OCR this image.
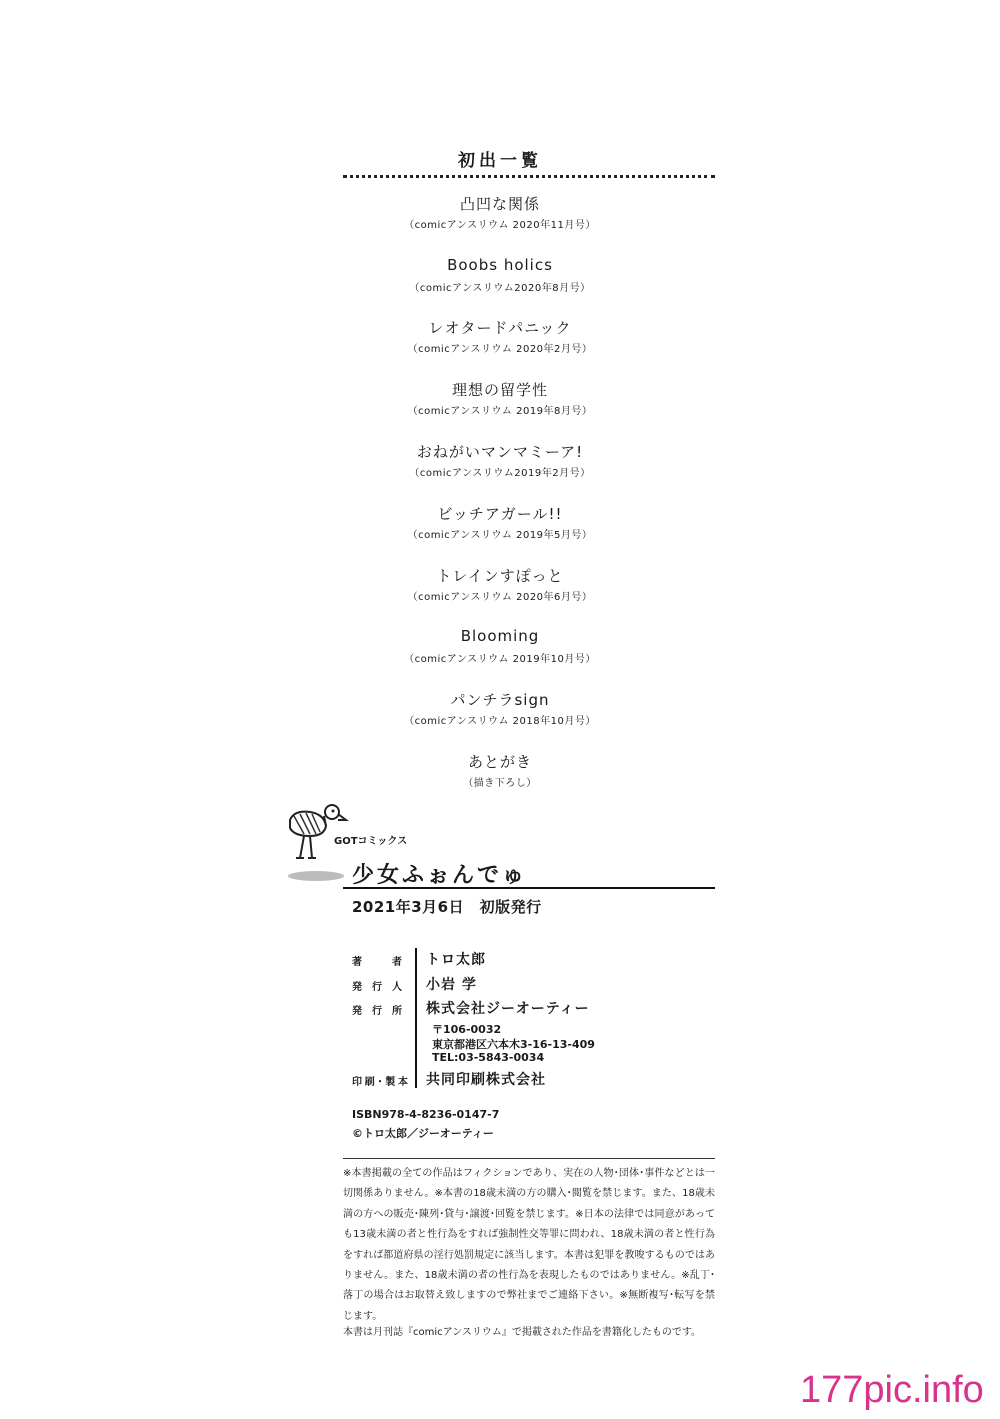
初出一覧
凸凹な関係
（comicアンスリウム 2020年11月号）
Boobs holics
（comicアンスリウム2020年8月号）
レオタードパニック
（comicアンスリウム 2020年2月号）
理想の留学性
（comicアンスリウム 2019年8月号）
おねがいマンマミーア!
（comicアンスリウム2019年2月号）
ビッチアガール!!
（comicアンスリウム 2019年5月号）
トレインすぽっと
（comicアンスリウム 2020年6月号）
Blooming
（comicアンスリウム 2019年10月号）
パンチラsign
（comicアンスリウム 2018年10月号）
あとがき
（描き下ろし）
GOTコミックス
少女ふぉんでゅ
2021年3月6日　初版発行
著者 トロ太郎
発行人 小岩 学
発行所 株式会社ジーオーティー
〒106-0032
東京都港区六本木3-16-13-409
TEL:03-5843-0034
印刷･製本 共同印刷株式会社
ISBN978-4-8236-0147-7
©トロ太郎／ジーオーティー
※本書掲載の全ての作品はフィクションであり、実在の人物･団体･事件などとは一切関係ありません。※本書の18歳未満の方の購入･閲覧を禁じます。また、18歳未満の方への販売･陳列･貸与･譲渡･回覧を禁じます。※日本の法律では同意があっても13歳未満の者と性行為をすれば強制性交等罪に問われ、18歳未満の者と性行為をすれば都道府県の淫行処罰規定に該当します。本書は犯罪を教唆するものではありません。また、18歳未満の者の性行為を表現したものではありません。※乱丁･落丁の場合はお取替え致しますので弊社までご連絡下さい。※無断複写･転写を禁じます。
本書は月刊誌『comicアンスリウム』で掲載された作品を書籍化したものです。
177pic.info
